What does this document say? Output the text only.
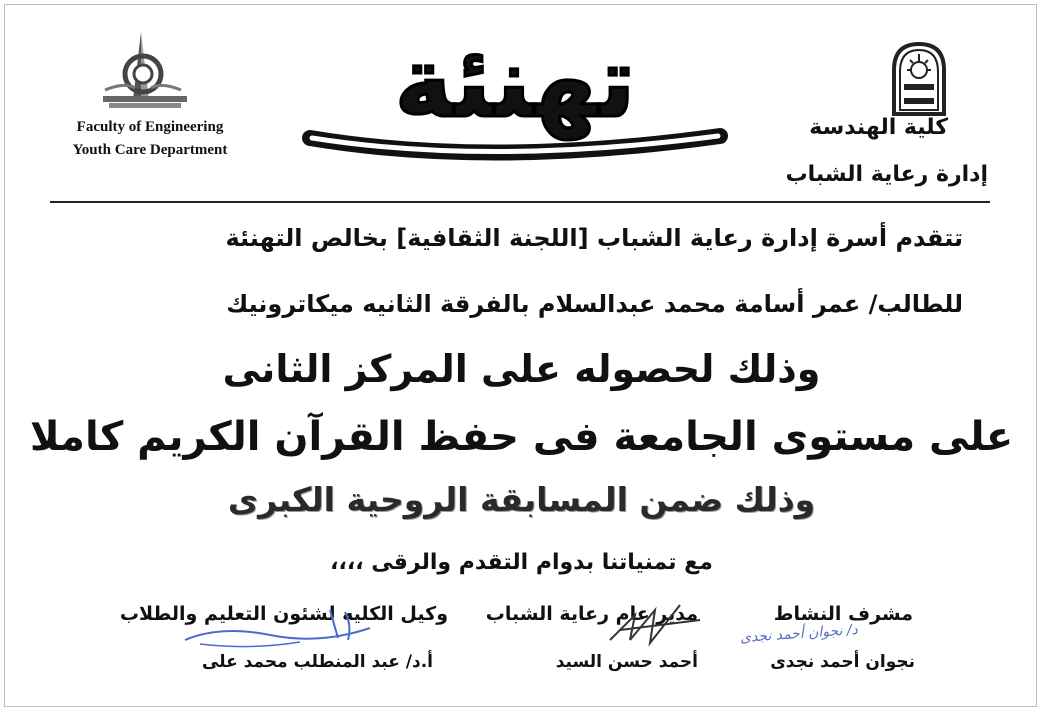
Faculty of Engineering
Youth Care Department
تهنئة	كلية الهندسة
إدارة رعاية الشباب
تتقدم أسرة إدارة رعاية الشباب [اللجنة الثقافية] بخالص التهنئة
للطالب/ عمر أسامة محمد عبدالسلام بالفرقة الثانيه ميكاترونيك
وذلك لحصوله على المركز الثانى
على مستوى الجامعة فى حفظ القرآن الكريم كاملا
وذلك ضمن المسابقة الروحية الكبرى
مع تمنياتنا بدوام التقدم والرقى ،،،،
مشرف النشاط
نجوان أحمد نجدى
مدير عام رعاية الشباب
أحمد حسن السيد
وكيل الكليه لشئون التعليم والطلاب
أ.د/ عبد المنطلب محمد على
د/ نجوان أحمد نجدى
